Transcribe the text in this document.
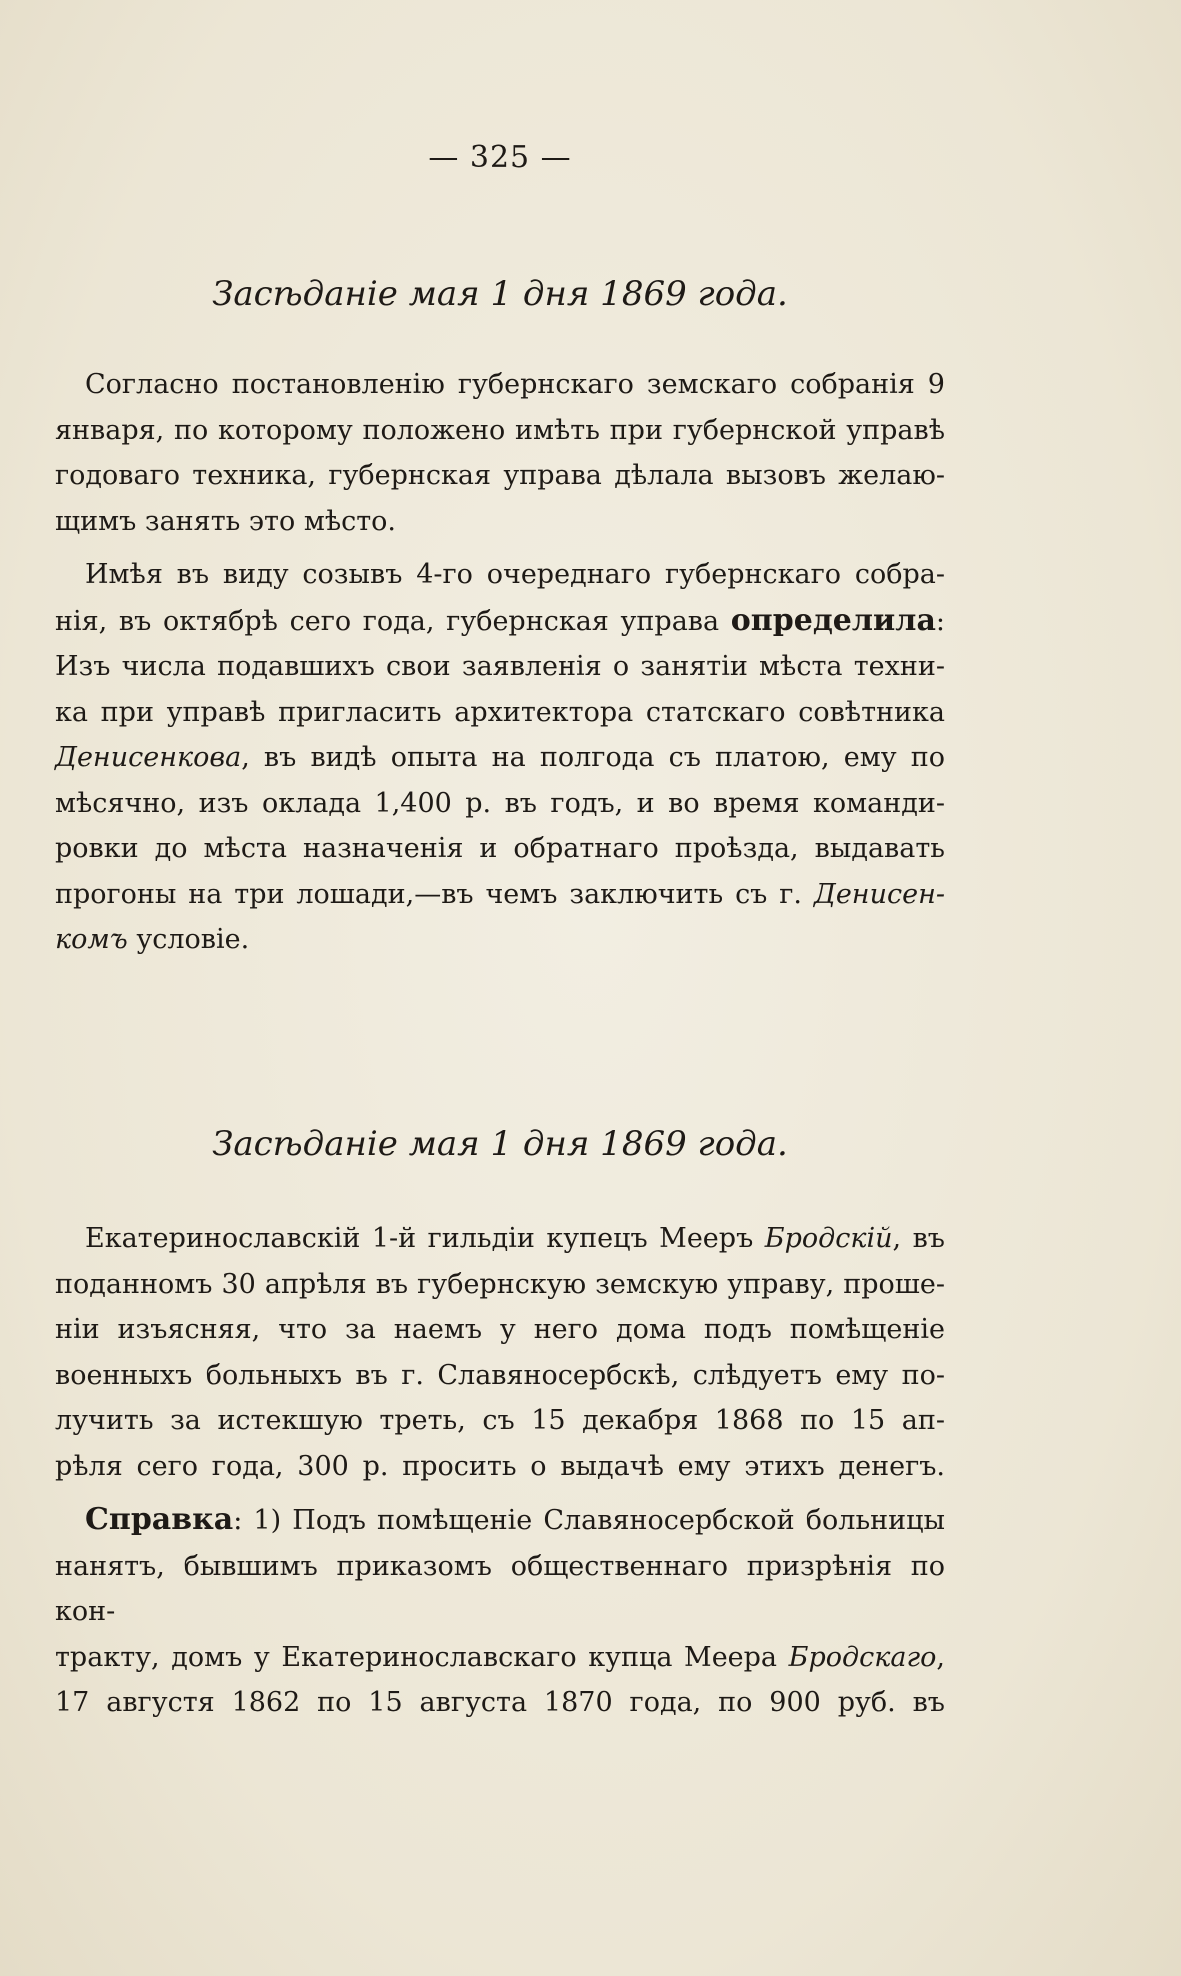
— 325 —
Засѣданіе мая 1 дня 1869 года.

Согласно постановленію губернскаго земскаго собранія 9
января, по которому положено имѣть при губернской управѣ
годоваго техника, губернская управа дѣлала вызовъ желаю-
щимъ занять это мѣсто.

Имѣя въ виду созывъ 4-го очереднаго губернскаго собра-
нія, въ октябрѣ сего года, губернская управа определила:
Изъ числа подавшихъ свои заявленія о занятіи мѣста техни-
ка при управѣ пригласить архитектора статскаго совѣтника
Денисенкова, въ видѣ опыта на полгода съ платою, ему по
мѣсячно, изъ оклада 1,400 р. въ годъ, и во время команди-
ровки до мѣста назначенія и обратнаго проѣзда, выдавать
прогоны на три лошади,—въ чемъ заключить съ г. Денисен-
комъ условіе.

Засѣданіе мая 1 дня 1869 года.

Екатеринославскій 1-й гильдіи купецъ Мееръ Бродскій, въ
поданномъ 30 апрѣля въ губернскую земскую управу, проше-
ніи изъясняя, что за наемъ у него дома подъ помѣщеніе
военныхъ больныхъ въ г. Славяносербскѣ, слѣдуетъ ему по-
лучить за истекшую треть, съ 15 декабря 1868 по 15 ап-
рѣля сего года, 300 р. просить о выдачѣ ему этихъ денегъ.

Справка: 1) Подъ помѣщеніе Славяносербской больницы
нанятъ, бывшимъ приказомъ общественнаго призрѣнія по кон-
тракту, домъ у Екатеринославскаго купца Меера Бродскаго,
17 августя 1862 по 15 августа 1870 года, по 900 руб. въ
